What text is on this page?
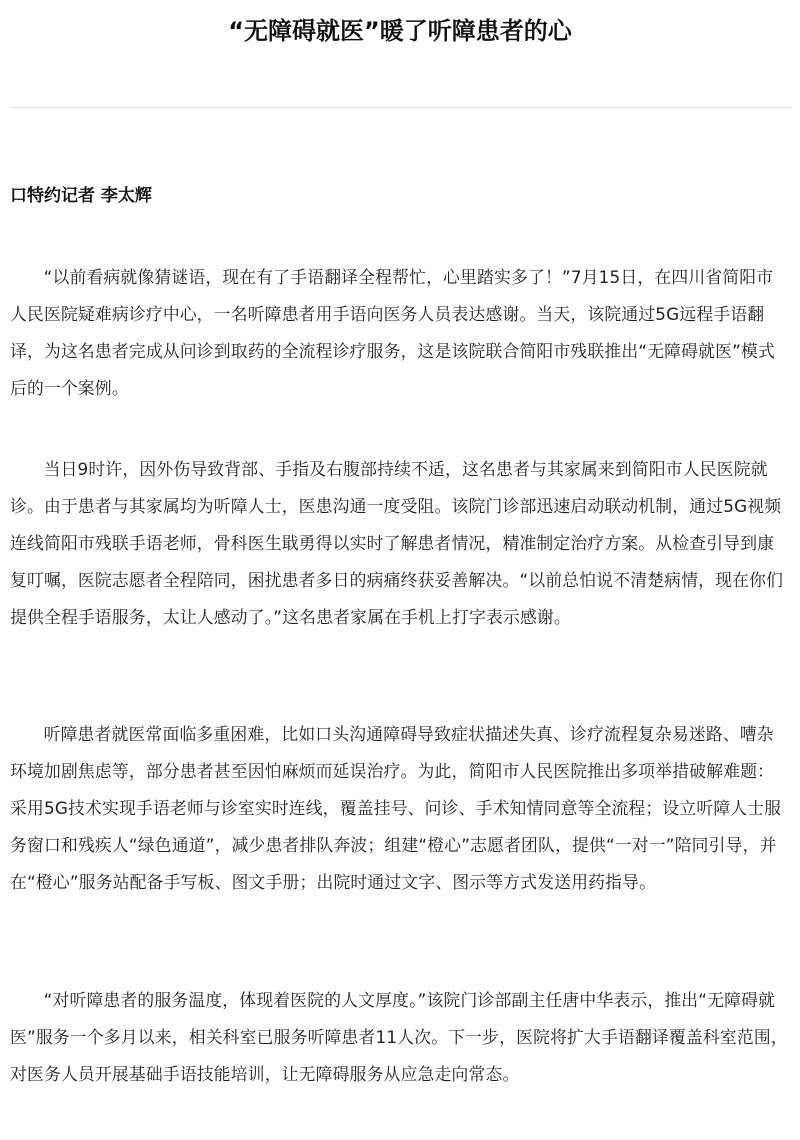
“无障碍就医”暖了听障患者的心
口特约记者 李太辉

“以前看病就像猜谜语，现在有了手语翻译全程帮忙，心里踏实多了！”7月15日，在四川省简阳市人民医院疑难病诊疗中心，一名听障患者用手语向医务人员表达感谢。当天，该院通过5G远程手语翻译，为这名患者完成从问诊到取药的全流程诊疗服务，这是该院联合简阳市残联推出“无障碍就医”模式后的一个案例。

当日9时许，因外伤导致背部、手指及右腹部持续不适，这名患者与其家属来到简阳市人民医院就诊。由于患者与其家属均为听障人士，医患沟通一度受阻。该院门诊部迅速启动联动机制，通过5G视频连线简阳市残联手语老师，骨科医生戢勇得以实时了解患者情况，精准制定治疗方案。从检查引导到康复叮嘱，医院志愿者全程陪同，困扰患者多日的病痛终获妥善解决。“以前总怕说不清楚病情，现在你们提供全程手语服务，太让人感动了。”这名患者家属在手机上打字表示感谢。

听障患者就医常面临多重困难，比如口头沟通障碍导致症状描述失真、诊疗流程复杂易迷路、嘈杂环境加剧焦虑等，部分患者甚至因怕麻烦而延误治疗。为此，简阳市人民医院推出多项举措破解难题：采用5G技术实现手语老师与诊室实时连线，覆盖挂号、问诊、手术知情同意等全流程；设立听障人士服务窗口和残疾人“绿色通道”，减少患者排队奔波；组建“橙心”志愿者团队，提供“一对一”陪同引导，并在“橙心”服务站配备手写板、图文手册；出院时通过文字、图示等方式发送用药指导。

“对听障患者的服务温度，体现着医院的人文厚度。”该院门诊部副主任唐中华表示，推出“无障碍就医”服务一个多月以来，相关科室已服务听障患者11人次。下一步，医院将扩大手语翻译覆盖科室范围，对医务人员开展基础手语技能培训，让无障碍服务从应急走向常态。
